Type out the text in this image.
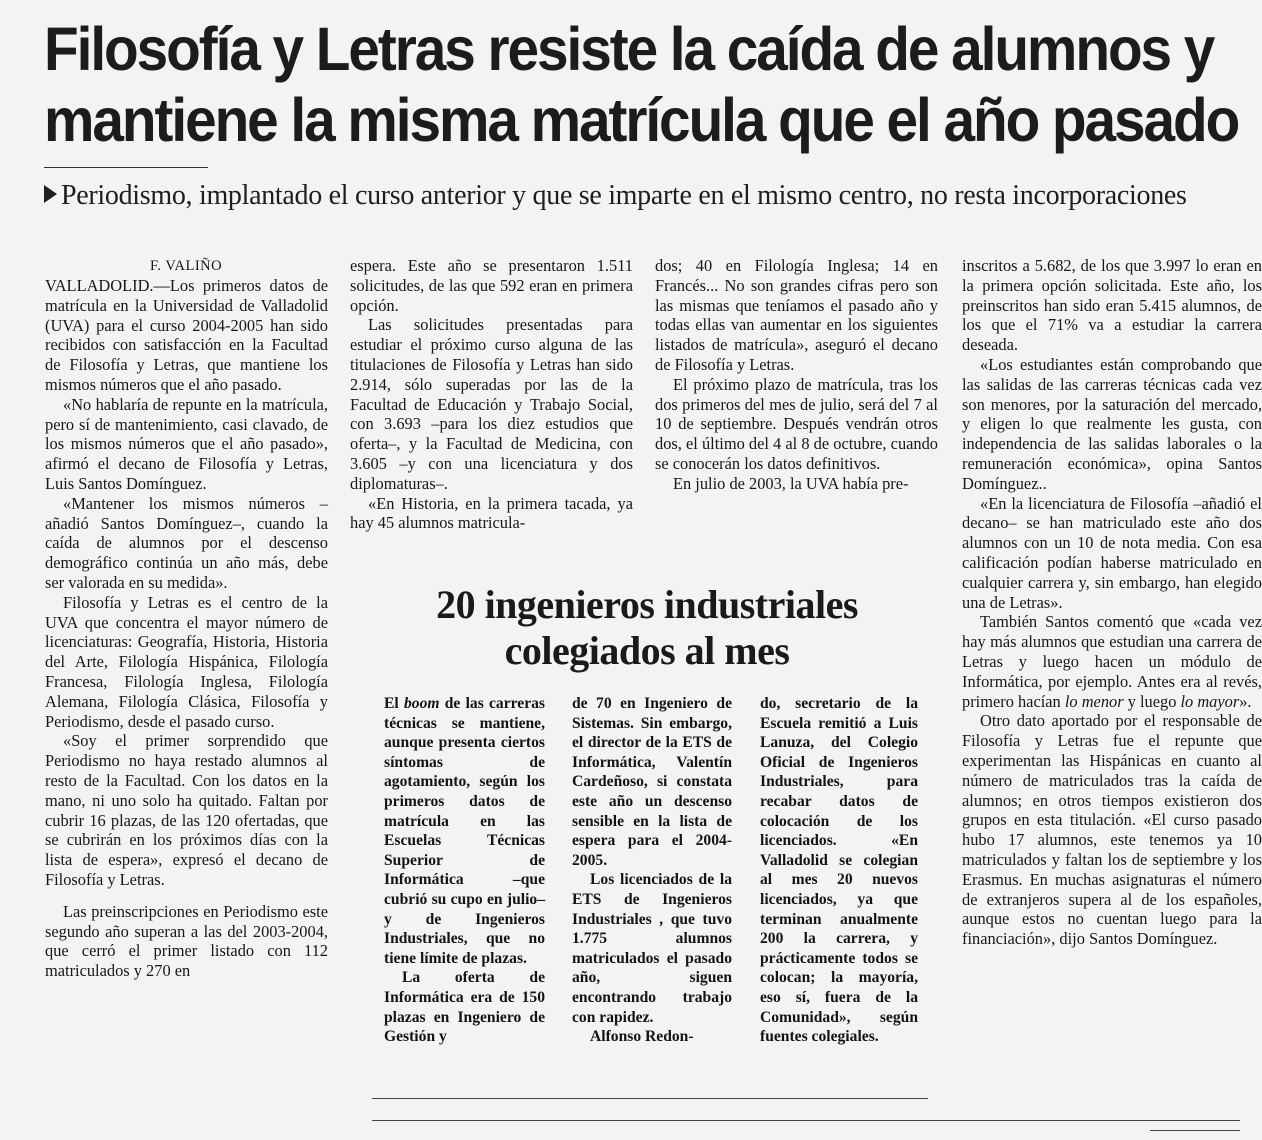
Filosofía y Letras resiste la caída de alumnos y
mantiene la misma matrícula que el año pasado
Periodismo, implantado el curso anterior y que se imparte en el mismo centro, no resta incorporaciones
F. VALIÑO

VALLADOLID.—Los primeros datos de matrícula en la Universidad de Valladolid (UVA) para el curso 2004-2005 han sido recibidos con satisfacción en la Facultad de Filosofía y Letras, que mantiene los mismos números que el año pasado.

«No hablaría de repunte en la matrícula, pero sí de mantenimiento, casi clavado, de los mismos números que el año pasado», afirmó el decano de Filosofía y Letras, Luis Santos Domínguez.

«Mantener los mismos números –añadió Santos Domínguez–, cuando la caída de alumnos por el descenso demográfico continúa un año más, debe ser valorada en su medida».

Filosofía y Letras es el centro de la UVA que concentra el mayor número de licenciaturas: Geografía, Historia, Historia del Arte, Filología Hispánica, Filología Francesa, Filología Inglesa, Filología Alemana, Filología Clásica, Filosofía y Periodismo, desde el pasado curso.

«Soy el primer sorprendido que Periodismo no haya restado alumnos al resto de la Facultad. Con los datos en la mano, ni uno solo ha quitado. Faltan por cubrir 16 plazas, de las 120 ofertadas, que se cubrirán en los próximos días con la lista de espera», expresó el decano de Filosofía y Letras.

Las preinscripciones en Periodismo este segundo año superan a las del 2003-2004, que cerró el primer listado con 112 matriculados y 270 en

espera. Este año se presentaron 1.511 solicitudes, de las que 592 eran en primera opción.

Las solicitudes presentadas para estudiar el próximo curso alguna de las titulaciones de Filosofía y Letras han sido 2.914, sólo superadas por las de la Facultad de Educación y Trabajo Social, con 3.693 –para los diez estudios que oferta–, y la Facultad de Medicina, con 3.605 –y con una licenciatura y dos diplomaturas–.

«En Historia, en la primera tacada, ya hay 45 alumnos matricula-

dos; 40 en Filología Inglesa; 14 en Francés... No son grandes cifras pero son las mismas que teníamos el pasado año y todas ellas van aumentar en los siguientes listados de matrícula», aseguró el decano de Filosofía y Letras.

El próximo plazo de matrícula, tras los dos primeros del mes de julio, será del 7 al 10 de septiembre. Después vendrán otros dos, el último del 4 al 8 de octubre, cuando se conocerán los datos definitivos.

En julio de 2003, la UVA había pre-

inscritos a 5.682, de los que 3.997 lo eran en la primera opción solicitada. Este año, los preinscritos han sido eran 5.415 alumnos, de los que el 71% va a estudiar la carrera deseada.

«Los estudiantes están comprobando que las salidas de las carreras técnicas cada vez son menores, por la saturación del mercado, y eligen lo que realmente les gusta, con independencia de las salidas laborales o la remuneración económica», opina Santos Domínguez..

«En la licenciatura de Filosofía –añadió el decano– se han matriculado este año dos alumnos con un 10 de nota media. Con esa calificación podían haberse matriculado en cualquier carrera y, sin embargo, han elegido una de Letras».

También Santos comentó que «cada vez hay más alumnos que estudian una carrera de Letras y luego hacen un módulo de Informática, por ejemplo. Antes era al revés, primero hacían lo menor y luego lo mayor».

Otro dato aportado por el responsable de Filosofía y Letras fue el repunte que experimentan las Hispánicas en cuanto al número de matriculados tras la caída de alumnos; en otros tiempos existieron dos grupos en esta titulación. «El curso pasado hubo 17 alumnos, este tenemos ya 10 matriculados y faltan los de septiembre y los Erasmus. En muchas asignaturas el número de extranjeros supera al de los españoles, aunque estos no cuentan luego para la financiación», dijo Santos Domínguez.

20 ingenieros industriales
colegiados al mes

El boom de las carreras técnicas se mantiene, aunque presenta ciertos síntomas de agotamiento, según los primeros datos de matrícula en las Escuelas Técnicas Superior de Informática –que cubrió su cupo en julio– y de Ingenieros Industriales, que no tiene límite de plazas.

La oferta de Informática era de 150 plazas en Ingeniero de Gestión y

de 70 en Ingeniero de Sistemas. Sin embargo, el director de la ETS de Informática, Valentín Cardeñoso, si constata este año un descenso sensible en la lista de espera para el 2004-2005.

Los licenciados de la ETS de Ingenieros Industriales , que tuvo 1.775 alumnos matriculados el pasado año, siguen encontrando trabajo con rapidez.

Alfonso Redon-

do, secretario de la Escuela remitió a Luis Lanuza, del Colegio Oficial de Ingenieros Industriales, para recabar datos de colocación de los licenciados. «En Valladolid se colegian al mes 20 nuevos licenciados, ya que terminan anualmente 200 la carrera, y prácticamente todos se colocan; la mayoría, eso sí, fuera de la Comunidad», según fuentes colegiales.
